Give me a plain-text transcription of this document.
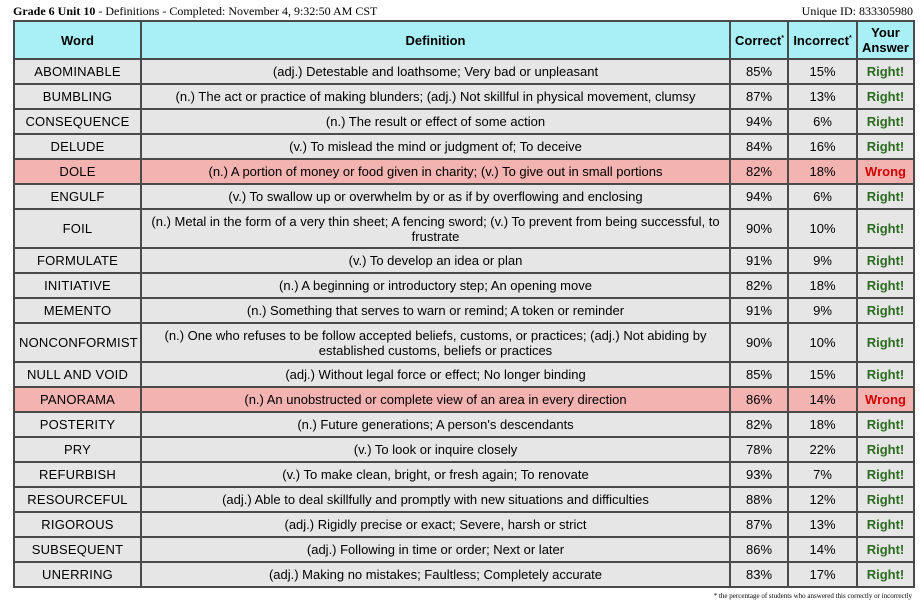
Grade 6 Unit 10 - Definitions - Completed: November 4, 9:32:50 AM CST	Unique ID: 833305980
Word	Definition	Correct*	Incorrect*	Your Answer
ABOMINABLE	(adj.) Detestable and loathsome; Very bad or unpleasant	85%	15%	Right!
BUMBLING	(n.) The act or practice of making blunders; (adj.) Not skillful in physical movement, clumsy	87%	13%	Right!
CONSEQUENCE	(n.) The result or effect of some action	94%	6%	Right!
DELUDE	(v.) To mislead the mind or judgment of; To deceive	84%	16%	Right!
DOLE	(n.) A portion of money or food given in charity; (v.) To give out in small portions	82%	18%	Wrong
ENGULF	(v.) To swallow up or overwhelm by or as if by overflowing and enclosing	94%	6%	Right!
FOIL	(n.) Metal in the form of a very thin sheet; A fencing sword; (v.) To prevent from being successful, to frustrate	90%	10%	Right!
FORMULATE	(v.) To develop an idea or plan	91%	9%	Right!
INITIATIVE	(n.) A beginning or introductory step; An opening move	82%	18%	Right!
MEMENTO	(n.) Something that serves to warn or remind; A token or reminder	91%	9%	Right!
NONCONFORMIST	(n.) One who refuses to be follow accepted beliefs, customs, or practices; (adj.) Not abiding by established customs, beliefs or practices	90%	10%	Right!
NULL AND VOID	(adj.) Without legal force or effect; No longer binding	85%	15%	Right!
PANORAMA	(n.) An unobstructed or complete view of an area in every direction	86%	14%	Wrong
POSTERITY	(n.) Future generations; A person's descendants	82%	18%	Right!
PRY	(v.) To look or inquire closely	78%	22%	Right!
REFURBISH	(v.) To make clean, bright, or fresh again; To renovate	93%	7%	Right!
RESOURCEFUL	(adj.) Able to deal skillfully and promptly with new situations and difficulties	88%	12%	Right!
RIGOROUS	(adj.) Rigidly precise or exact; Severe, harsh or strict	87%	13%	Right!
SUBSEQUENT	(adj.) Following in time or order; Next or later	86%	14%	Right!
UNERRING	(adj.) Making no mistakes; Faultless; Completely accurate	83%	17%	Right!
* the percentage of students who answered this correctly or incorrectly
